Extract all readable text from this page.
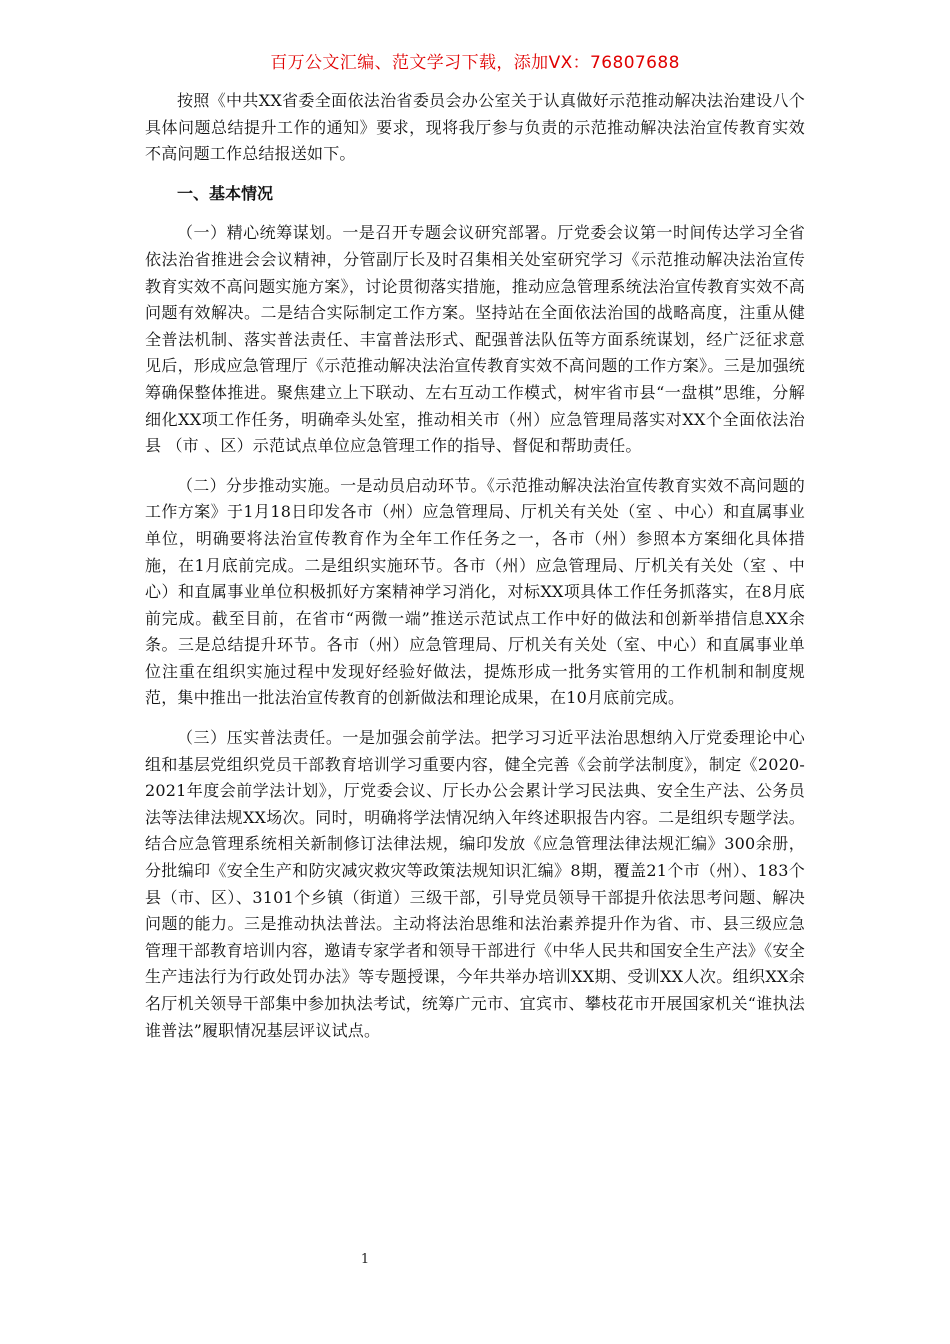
百万公文汇编、范文学习下载，添加VX：76807688

按照《中共XX省委全面依法治省委员会办公室关于认真做好示范推动解决法治建设八个具体问题总结提升工作的通知》要求，现将我厅参与负责的示范推动解决法治宣传教育实效不高问题工作总结报送如下。

一、基本情况

（一）精心统筹谋划。一是召开专题会议研究部署。厅党委会议第一时间传达学习全省依法治省推进会会议精神，分管副厅长及时召集相关处室研究学习《示范推动解决法治宣传教育实效不高问题实施方案》，讨论贯彻落实措施，推动应急管理系统法治宣传教育实效不高问题有效解决。二是结合实际制定工作方案。坚持站在全面依法治国的战略高度，注重从健全普法机制、落实普法责任、丰富普法形式、配强普法队伍等方面系统谋划，经广泛征求意见后，形成应急管理厅《示范推动解决法治宣传教育实效不高问题的工作方案》。三是加强统筹确保整体推进。聚焦建立上下联动、左右互动工作模式，树牢省市县“一盘棋”思维，分解细化XX项工作任务，明确牵头处室，推动相关市（州）应急管理局落实对XX个全面依法治县 （市 、区）示范试点单位应急管理工作的指导、督促和帮助责任。

（二）分步推动实施。一是动员启动环节。《示范推动解决法治宣传教育实效不高问题的工作方案》于1月18日印发各市（州）应急管理局、厅机关有关处（室 、中心）和直属事业单位，明确要将法治宣传教育作为全年工作任务之一，各市（州）参照本方案细化具体措施，在1月底前完成。二是组织实施环节。各市（州）应急管理局、厅机关有关处（室 、中心）和直属事业单位积极抓好方案精神学习消化，对标XX项具体工作任务抓落实，在8月底前完成。截至目前，在省市“两微一端”推送示范试点工作中好的做法和创新举措信息XX余条。三是总结提升环节。各市（州）应急管理局、厅机关有关处（室、中心）和直属事业单位注重在组织实施过程中发现好经验好做法，提炼形成一批务实管用的工作机制和制度规范，集中推出一批法治宣传教育的创新做法和理论成果，在10月底前完成。

（三）压实普法责任。一是加强会前学法。把学习习近平法治思想纳入厅党委理论中心组和基层党组织党员干部教育培训学习重要内容，健全完善《会前学法制度》，制定《2020-2021年度会前学法计划》，厅党委会议、厅长办公会累计学习民法典、安全生产法、公务员法等法律法规XX场次。同时，明确将学法情况纳入年终述职报告内容。二是组织专题学法。结合应急管理系统相关新制修订法律法规，编印发放《应急管理法律法规汇编》300余册，分批编印《安全生产和防灾减灾救灾等政策法规知识汇编》8期，覆盖21个市（州）、183个县（市、区）、3101个乡镇（街道）三级干部，引导党员领导干部提升依法思考问题、解决问题的能力。三是推动执法普法。主动将法治思维和法治素养提升作为省、市、县三级应急管理干部教育培训内容，邀请专家学者和领导干部进行《中华人民共和国安全生产法》《安全生产违法行为行政处罚办法》等专题授课，今年共举办培训XX期、受训XX人次。组织XX余名厅机关领导干部集中参加执法考试，统筹广元市、宜宾市、攀枝花市开展国家机关“谁执法谁普法”履职情况基层评议试点。

1
